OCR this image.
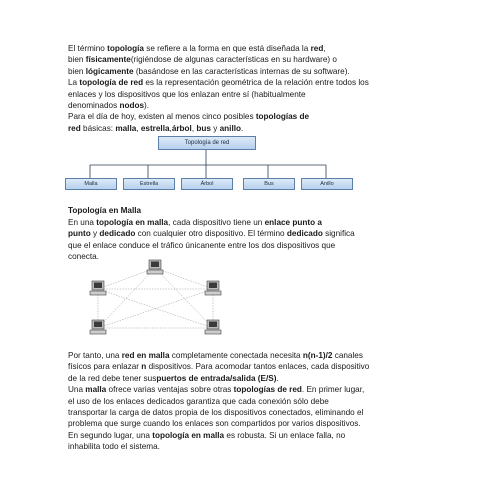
El término topología se refiere a la forma en que está diseñada la red,
bien físicamente(rigiéndose de algunas características en su hardware) o
bien lógicamente (basándose en las características internas de su software).
La topología de red es la representación geométrica de la relación entre todos los
enlaces y los dispositivos que los enlazan entre sí (habitualmente
denominados nodos).
Para el día de hoy, existen al menos cinco posibles topologías de
red básicas: malla, estrella,árbol, bus y anillo.
Topología de red
Malla	Estrella	Árbol	Bus	Anillo
Topología en Malla
En una topología en malla, cada dispositivo tiene un enlace punto a
punto y dedicado con cualquier otro dispositivo. El término dedicado significa
que el enlace conduce el tráfico únicanente entre los dos dispositivos que
conecta.
Por tanto, una red en malla completamente conectada necesita n(n-1)/2 canales
físicos para enlazar n dispositivos. Para acomodar tantos enlaces, cada dispositivo
de la red debe tener suspuertos de entrada/salida (E/S).
Una malla ofrece varias ventajas sobre otras topologías de red. En primer lugar,
el uso de los enlaces dedicados garantiza que cada conexión sólo debe
transportar la carga de datos propia de los dispositivos conectados, eliminando el
problema que surge cuando los enlaces son compartidos por varios dispositivos.
En segundo lugar, una topología en malla es robusta. Si un enlace falla, no
inhabilita todo el sistema.
